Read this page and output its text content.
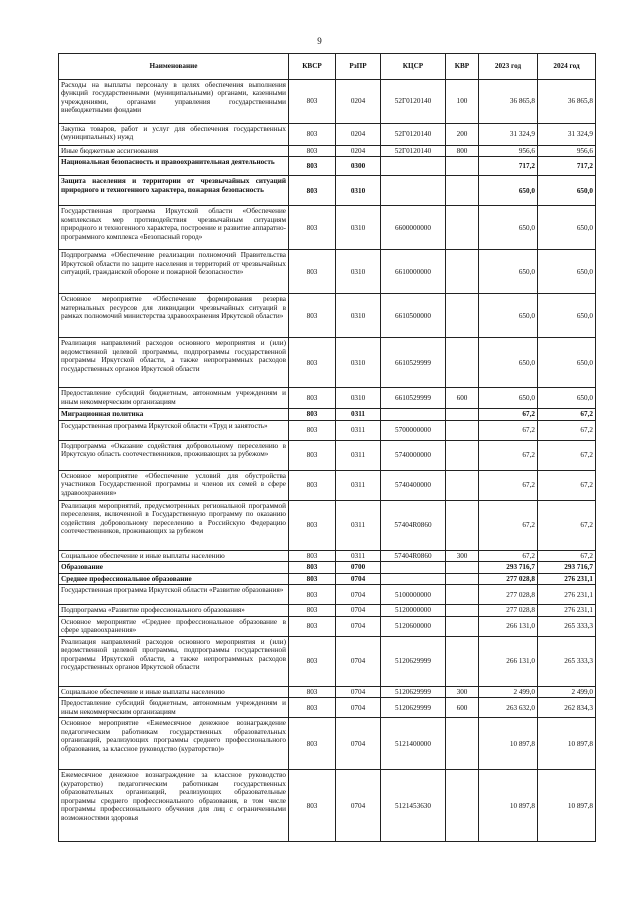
9
Наименование	КВСР	РзПР	КЦСР	КВР	2023 год	2024 год
Расходы на выплаты персоналу в целях обеспечения выполнения функций государственными (муниципальными) органами, казенными учреждениями, органами управления государственными внебюджетными фондами	803	0204	52Г0120140	100	36 865,8	36 865,8
Закупка товаров, работ и услуг для обеспечения государственных (муниципальных) нужд	803	0204	52Г0120140	200	31 324,9	31 324,9
Иные бюджетные ассигнования	803	0204	52Г0120140	800	956,6	956,6
Национальная безопасность и правоохранительная деятельность	803	0300			717,2	717,2
Защита населения и территории от чрезвычайных ситуаций природного и техногенного характера, пожарная безопасность	803	0310			650,0	650,0
Государственная программа Иркутской области «Обеспечение комплексных мер противодействия чрезвычайным ситуациям природного и техногенного характера, построение и развитие аппаратно-программного комплекса «Безопасный город»	803	0310	6600000000		650,0	650,0
Подпрограмма «Обеспечение реализации полномочий Правительства Иркутской области по защите населения и территорий от чрезвычайных ситуаций, гражданской обороне и пожарной безопасности»	803	0310	6610000000		650,0	650,0
Основное мероприятие «Обеспечение формирования резерва материальных ресурсов для ликвидации чрезвычайных ситуаций в рамках полномочий министерства здравоохранения Иркутской области»	803	0310	6610500000		650,0	650,0
Реализация направлений расходов основного мероприятия и (или) ведомственной целевой программы, подпрограммы государственной программы Иркутской области, а также непрограммных расходов государственных органов Иркутской области	803	0310	6610529999		650,0	650,0
Предоставление субсидий бюджетным, автономным учреждениям и иным некоммерческим организациям	803	0310	6610529999	600	650,0	650,0
Миграционная политика	803	0311			67,2	67,2
Государственная программа Иркутской области «Труд и занятость»	803	0311	5700000000		67,2	67,2
Подпрограмма «Оказание содействия добровольному переселению в Иркутскую область соотечественников, проживающих за рубежом»	803	0311	5740000000		67,2	67,2
Основное мероприятие «Обеспечение условий для обустройства участников Государственной программы и членов их семей в сфере здравоохранения»	803	0311	5740400000		67,2	67,2
Реализация мероприятий, предусмотренных региональной программой переселения, включенной в Государственную программу по оказанию содействия добровольному переселению в Российскую Федерацию соотечественников, проживающих за рубежом	803	0311	57404R0860		67,2	67,2
Социальное обеспечение и иные выплаты населению	803	0311	57404R0860	300	67,2	67,2
Образование	803	0700			293 716,7	293 716,7
Среднее профессиональное образование	803	0704			277 028,8	276 231,1
Государственная программа Иркутской области «Развитие образования»	803	0704	5100000000		277 028,8	276 231,1
Подпрограмма «Развитие профессионального образования»	803	0704	5120000000		277 028,8	276 231,1
Основное мероприятие «Среднее профессиональное образование в сфере здравоохранения»	803	0704	5120600000		266 131,0	265 333,3
Реализация направлений расходов основного мероприятия и (или) ведомственной целевой программы, подпрограммы государственной программы Иркутской области, а также непрограммных расходов государственных органов Иркутской области	803	0704	5120629999		266 131,0	265 333,3
Социальное обеспечение и иные выплаты населению	803	0704	5120629999	300	2 499,0	2 499,0
Предоставление субсидий бюджетным, автономным учреждениям и иным некоммерческим организациям	803	0704	5120629999	600	263 632,0	262 834,3
Основное мероприятие «Ежемесячное денежное вознаграждение педагогическим работникам государственных образовательных организаций, реализующих программы среднего профессионального образования, за классное руководство (кураторство)»	803	0704	5121400000		10 897,8	10 897,8
Ежемесячное денежное вознаграждение за классное руководство (кураторство) педагогическим работникам государственных образовательных организаций, реализующих образовательные программы среднего профессионального образования, в том числе программы профессионального обучения для лиц с ограниченными возможностями здоровья	803	0704	5121453630		10 897,8	10 897,8
